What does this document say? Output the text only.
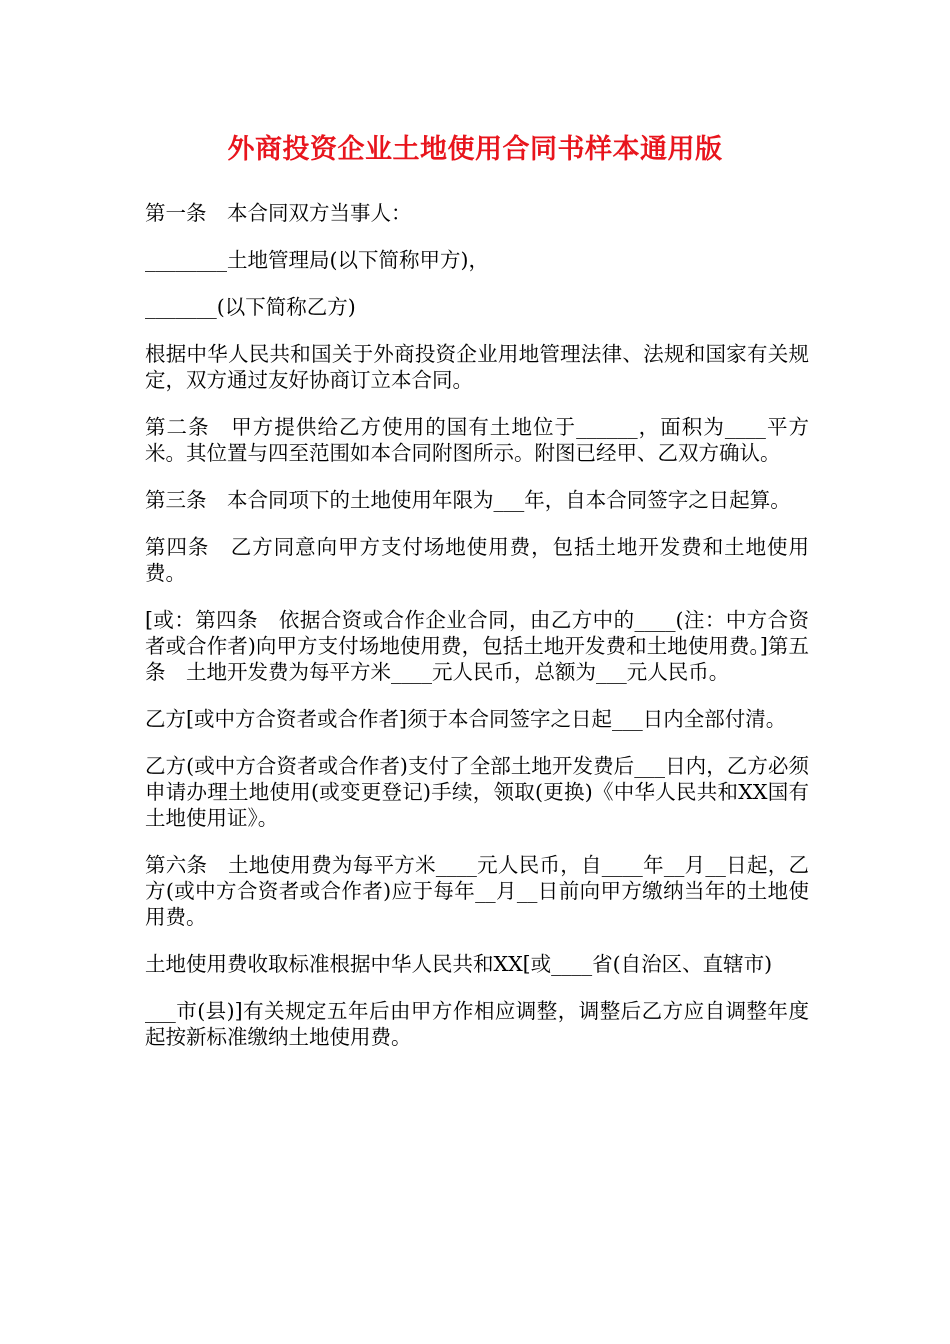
外商投资企业土地使用合同书样本通用版

第一条　本合同双方当事人：

________土地管理局(以下简称甲方)，

_______(以下简称乙方)

根据中华人民共和国关于外商投资企业用地管理法律、法规和国家有关规定，双方通过友好协商订立本合同。

第二条　甲方提供给乙方使用的国有土地位于______，面积为____平方米。其位置与四至范围如本合同附图所示。附图已经甲、乙双方确认。

第三条　本合同项下的土地使用年限为___年，自本合同签字之日起算。

第四条　乙方同意向甲方支付场地使用费，包括土地开发费和土地使用费。

[或：第四条　依据合资或合作企业合同，由乙方中的____(注：中方合资者或合作者)向甲方支付场地使用费，包括土地开发费和土地使用费。]第五条　土地开发费为每平方米____元人民币，总额为___元人民币。

乙方[或中方合资者或合作者]须于本合同签字之日起___日内全部付清。

乙方(或中方合资者或合作者)支付了全部土地开发费后___日内，乙方必须申请办理土地使用(或变更登记)手续，领取(更换)《中华人民共和XX国有土地使用证》。

第六条　土地使用费为每平方米____元人民币，自____年__月__日起，乙方(或中方合资者或合作者)应于每年__月__日前向甲方缴纳当年的土地使用费。

土地使用费收取标准根据中华人民共和XX[或____省(自治区、直辖市)

___市(县)]有关规定五年后由甲方作相应调整，调整后乙方应自调整年度起按新标准缴纳土地使用费。
